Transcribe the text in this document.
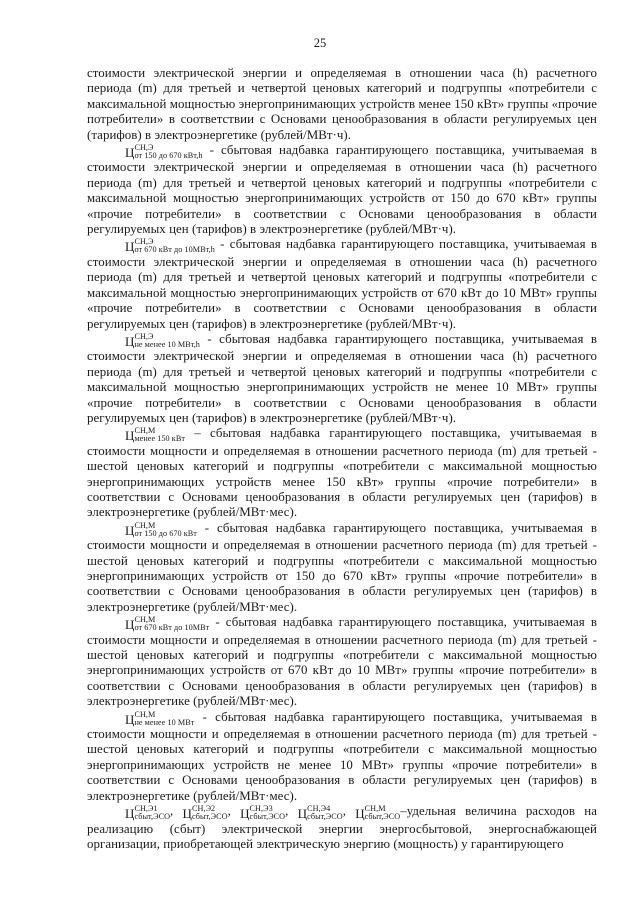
25

стоимости электрической энергии и определяемая в отношении часа (h) расчетного периода (m) для третьей и четвертой ценовых категорий и подгруппы «потребители с максимальной мощностью энергопринимающих устройств менее 150 кВт» группы «прочие потребители» в соответствии с Основами ценообразования в области регулируемых цен (тарифов) в электроэнергетике (рублей/МВт·ч).

Ц СН,Э
от 150 до 670 кВт,h - сбытовая надбавка гарантирующего поставщика, учитываемая в стоимости электрической энергии и определяемая в отношении часа (h) расчетного периода (m) для третьей и четвертой ценовых категорий и подгруппы «потребители с максимальной мощностью энергопринимающих устройств от 150 до 670 кВт» группы «прочие потребители» в соответствии с Основами ценообразования в области регулируемых цен (тарифов) в электроэнергетике (рублей/МВт·ч).

Ц СН,Э
от 670 кВт до 10МВт,h - сбытовая надбавка гарантирующего поставщика, учитываемая в стоимости электрической энергии и определяемая в отношении часа (h) расчетного периода (m) для третьей и четвертой ценовых категорий и подгруппы «потребители с максимальной мощностью энергопринимающих устройств от 670 кВт до 10 МВт» группы «прочие потребители» в соответствии с Основами ценообразования в области регулируемых цен (тарифов) в электроэнергетике (рублей/МВт·ч).

Ц СН,Э
не менее 10 МВт,h - сбытовая надбавка гарантирующего поставщика, учитываемая в стоимости электрической энергии и определяемая в отношении часа (h) расчетного периода (m) для третьей и четвертой ценовых категорий и подгруппы «потребители с максимальной мощностью энергопринимающих устройств не менее 10 МВт» группы «прочие потребители» в соответствии с Основами ценообразования в области регулируемых цен (тарифов) в электроэнергетике (рублей/МВт·ч).

Ц СН,М
менее 150 кВт – сбытовая надбавка гарантирующего поставщика, учитываемая в стоимости мощности и определяемая в отношении расчетного периода (m) для третьей - шестой ценовых категорий и подгруппы «потребители с максимальной мощностью энергопринимающих устройств менее 150 кВт» группы «прочие потребители» в соответствии с Основами ценообразования в области регулируемых цен (тарифов) в электроэнергетике (рублей/МВт·мес).

Ц СН,М
от 150 до 670 кВт - сбытовая надбавка гарантирующего поставщика, учитываемая в стоимости мощности и определяемая в отношении расчетного периода (m) для третьей - шестой ценовых категорий и подгруппы «потребители с максимальной мощностью энергопринимающих устройств от 150 до 670 кВт» группы «прочие потребители» в соответствии с Основами ценообразования в области регулируемых цен (тарифов) в электроэнергетике (рублей/МВт·мес).

Ц СН,М
от 670 кВт до 10МВт - сбытовая надбавка гарантирующего поставщика, учитываемая в стоимости мощности и определяемая в отношении расчетного периода (m) для третьей - шестой ценовых категорий и подгруппы «потребители с максимальной мощностью энергопринимающих устройств от 670 кВт до 10 МВт» группы «прочие потребители» в соответствии с Основами ценообразования в области регулируемых цен (тарифов) в электроэнергетике (рублей/МВт·мес).

Ц СН,М
не менее 10 МВт - сбытовая надбавка гарантирующего поставщика, учитываемая в стоимости мощности и определяемая в отношении расчетного периода (m) для третьей - шестой ценовых категорий и подгруппы «потребители с максимальной мощностью энергопринимающих устройств не менее 10 МВт» группы «прочие потребители» в соответствии с Основами ценообразования в области регулируемых цен (тарифов) в электроэнергетике (рублей/МВт·мес).

Ц СН,Э1
сбыт,ЭСО , Ц СН,Э2
сбыт,ЭСО , Ц СН,Э3
сбыт,ЭСО , Ц СН,Э4
сбыт,ЭСО , Ц СН,М
сбыт,ЭСО –удельная величина расходов на реализацию (сбыт) электрической энергии энергосбытовой, энергоснабжающей организации, приобретающей электрическую энергию (мощность) у гарантирующего
